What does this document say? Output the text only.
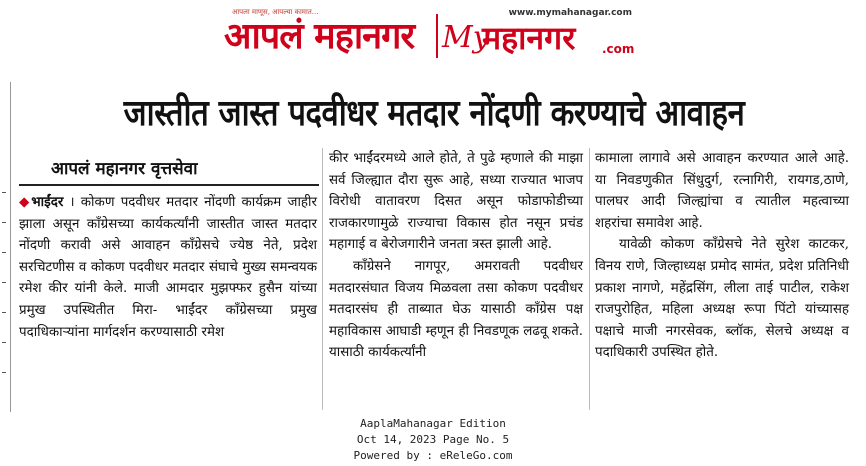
आपला माणूस, आपल्या कामात...
आपलं महानगर
www.mymahanagar.com
My
महानगर .com
जास्तीत जास्त पदवीधर मतदार नोंदणी करण्याचे आवाहन
आपलं महानगर वृत्तसेवा

◆भाईंदर । कोकण पदवीधर मतदार नोंदणी कार्यक्रम जाहीर झाला असून कॉंग्रेसच्या कार्यकर्त्यांनी जास्तीत जास्त मतदार नोंदणी करावी असे आवाहन कॉंग्रेसचे ज्येष्ठ नेते, प्रदेश सरचिटणीस व कोकण पदवीधर मतदार संघाचे मुख्य समन्वयक रमेश कीर यांनी केले. माजी आमदार मुझफ्फर हुसैन यांच्या प्रमुख उपस्थितीत मिरा- भाईंदर कॉंग्रेसच्या प्रमुख पदाधिकाऱ्यांना मार्गदर्शन करण्यासाठी रमेश

कीर भाईंदरमध्ये आले होते, ते पुढे म्हणाले की माझा सर्व जिल्ह्यात दौरा सुरू आहे, सध्या राज्यात भाजप विरोधी वातावरण दिसत असून फोडाफोडीच्या राजकारणामुळे राज्याचा विकास होत नसून प्रचंड महागाई व बेरोजगारीने जनता त्रस्त झाली आहे.

कॉंग्रेसने नागपूर, अमरावती पदवीधर मतदारसंघात विजय मिळवला तसा कोकण पदवीधर मतदारसंघ ही ताब्यात घेऊ यासाठी कॉंग्रेस पक्ष महाविकास आघाडी म्हणून ही निवडणूक लढवू शकते. यासाठी कार्यकर्त्यांनी

कामाला लागावे असे आवाहन करण्यात आले आहे. या निवडणुकीत सिंधुदुर्ग, रत्नागिरी, रायगड,ठाणे, पालघर आदी जिल्ह्यांचा व त्यातील महत्वाच्या शहरांचा समावेश आहे.

यावेळी कोकण कॉंग्रेसचे नेते सुरेश काटकर, विनय राणे, जिल्हाध्यक्ष प्रमोद सामंत, प्रदेश प्रतिनिधी प्रकाश नागणे, महेंद्रसिंग, लीला ताई पाटील, राकेश राजपुरोहित, महिला अध्यक्ष रूपा पिंटो यांच्यासह पक्षाचे माजी नगरसेवक, ब्लॉक, सेलचे अध्यक्ष व पदाधिकारी उपस्थित होते.

AaplaMahanagar Edition
Oct 14, 2023 Page No. 5
Powered by : eReleGo.com
